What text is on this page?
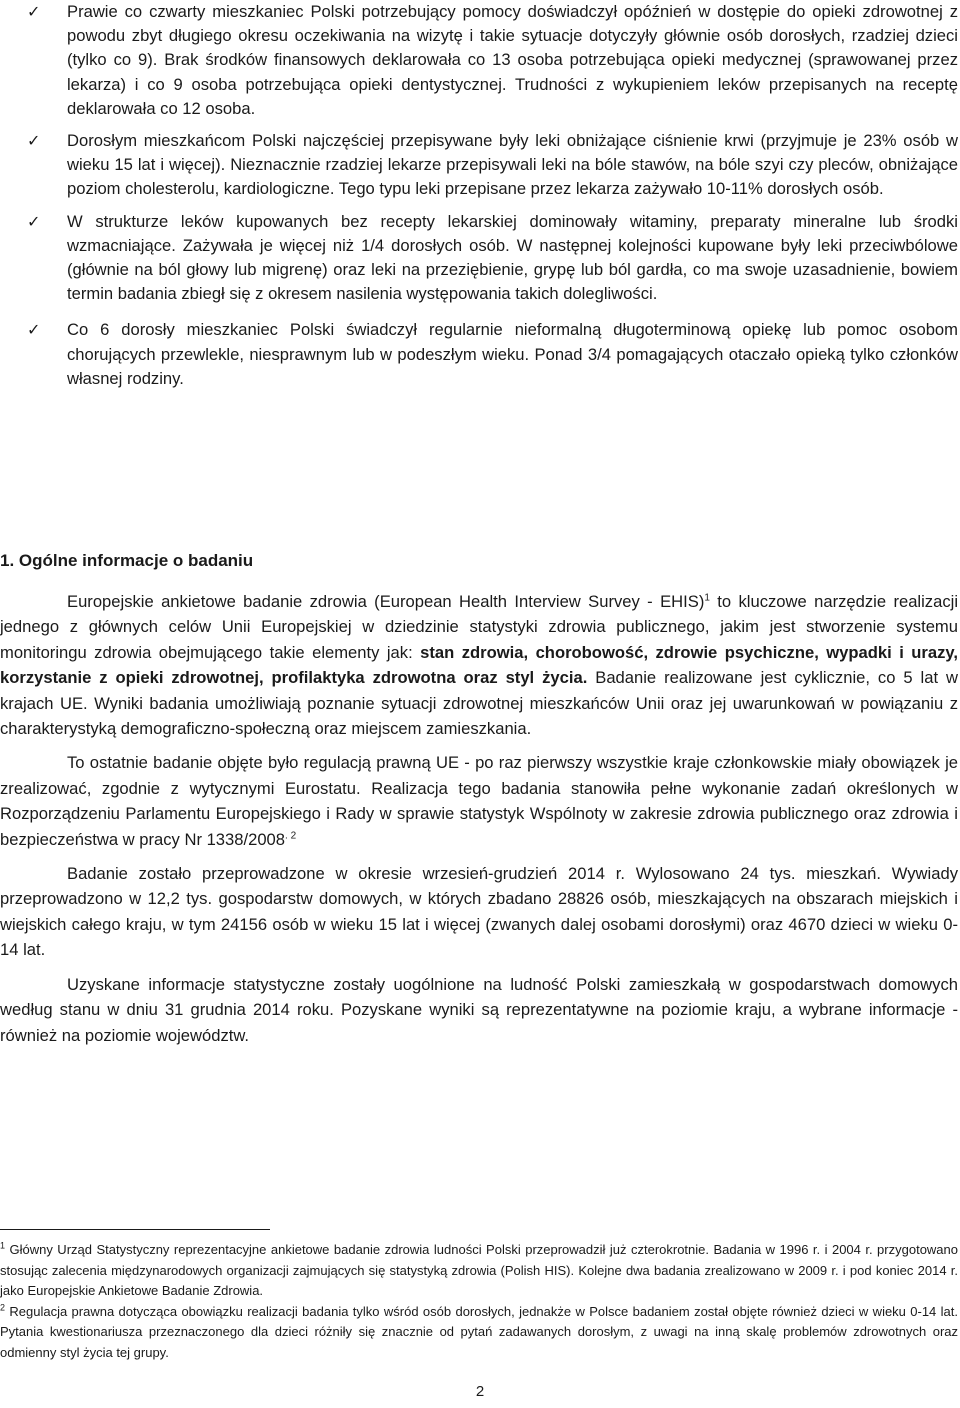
✓ Prawie co czwarty mieszkaniec Polski potrzebujący pomocy doświadczył opóźnień w dostępie do opieki zdrowotnej z powodu zbyt długiego okresu oczekiwania na wizytę i takie sytuacje dotyczyły głównie osób dorosłych, rzadziej dzieci (tylko co 9). Brak środków finansowych deklarowała co 13 osoba potrzebująca opieki medycznej (sprawowanej przez lekarza) i co 9 osoba potrzebująca opieki dentystycznej. Trudności z wykupieniem leków przepisanych na receptę deklarowała co 12 osoba.
✓ Dorosłym mieszkańcom Polski najczęściej przepisywane były leki obniżające ciśnienie krwi (przyjmuje je 23% osób w wieku 15 lat i więcej). Nieznacznie rzadziej lekarze przepisywali leki na bóle stawów, na bóle szyi czy pleców, obniżające poziom cholesterolu, kardiologiczne. Tego typu leki przepisane przez lekarza zażywało 10-11% dorosłych osób.
✓ W strukturze leków kupowanych bez recepty lekarskiej dominowały witaminy, preparaty mineralne lub środki wzmacniające. Zażywała je więcej niż 1/4 dorosłych osób. W następnej kolejności kupowane były leki przeciwbólowe (głównie na ból głowy lub migrenę) oraz leki na przeziębienie, grypę lub ból gardła, co ma swoje uzasadnienie, bowiem termin badania zbiegł się z okresem nasilenia występowania takich dolegliwości.
✓ Co 6 dorosły mieszkaniec Polski świadczył regularnie nieformalną długoterminową opiekę lub pomoc osobom chorujących przewlekle, niesprawnym lub w podeszłym wieku. Ponad 3/4 pomagających otaczało opieką tylko członków własnej rodziny.
1. Ogólne informacje o badaniu

Europejskie ankietowe badanie zdrowia (European Health Interview Survey - EHIS)$^1$ to kluczowe narzędzie realizacji jednego z głównych celów Unii Europejskiej w dziedzinie statystyki zdrowia publicznego, jakim jest stworzenie systemu monitoringu zdrowia obejmującego takie elementy jak: stan zdrowia, chorobowość, zdrowie psychiczne, wypadki i urazy, korzystanie z opieki zdrowotnej, profilaktyka zdrowotna oraz styl życia. Badanie realizowane jest cyklicznie, co 5 lat w krajach UE. Wyniki badania umożliwiają poznanie sytuacji zdrowotnej mieszkańców Unii oraz jej uwarunkowań w powiązaniu z charakterystyką demograficzno-społeczną oraz miejscem zamieszkania.

To ostatnie badanie objęte było regulacją prawną UE - po raz pierwszy wszystkie kraje członkowskie miały obowiązek je zrealizować, zgodnie z wytycznymi Eurostatu. Realizacja tego badania stanowiła pełne wykonanie zadań określonych w Rozporządzeniu Parlamentu Europejskiego i Rady w sprawie statystyk Wspólnoty w zakresie zdrowia publicznego oraz zdrowia i bezpieczeństwa w pracy Nr $1338/2008^{. 2}$

Badanie zostało przeprowadzone w okresie wrzesień-grudzień 2014 r. Wylosowano 24 tys. mieszkań. Wywiady przeprowadzono w 12,2 tys. gospodarstw domowych, w których zbadano 28826 osób, mieszkających na obszarach miejskich i wiejskich całego kraju, w tym 24156 osób w wieku 15 lat i więcej (zwanych dalej osobami dorosłymi) oraz 4670 dzieci w wieku 0-14 lat.

Uzyskane informacje statystyczne zostały uogólnione na ludność Polski zamieszkałą w gospodarstwach domowych według stanu w dniu 31 grudnia 2014 roku. Pozyskane wyniki są reprezentatywne na poziomie kraju, a wybrane informacje - również na poziomie województw.

$^1$ Główny Urząd Statystyczny reprezentacyjne ankietowe badanie zdrowia ludności Polski przeprowadził już czterokrotnie. Badania w 1996 r. i 2004 r. przygotowano stosując zalecenia międzynarodowych organizacji zajmujących się statystyką zdrowia (Polish HIS). Kolejne dwa badania zrealizowano w 2009 r. i pod koniec 2014 r. jako Europejskie Ankietowe Badanie Zdrowia.

$^2$ Regulacja prawna dotycząca obowiązku realizacji badania tylko wśród osób dorosłych, jednakże w Polsce badaniem został objęte również dzieci w wieku 0-14 lat. Pytania kwestionariusza przeznaczonego dla dzieci różniły się znacznie od pytań zadawanych dorosłym, z uwagi na inną skalę problemów zdrowotnych oraz odmienny styl życia tej grupy.

2
